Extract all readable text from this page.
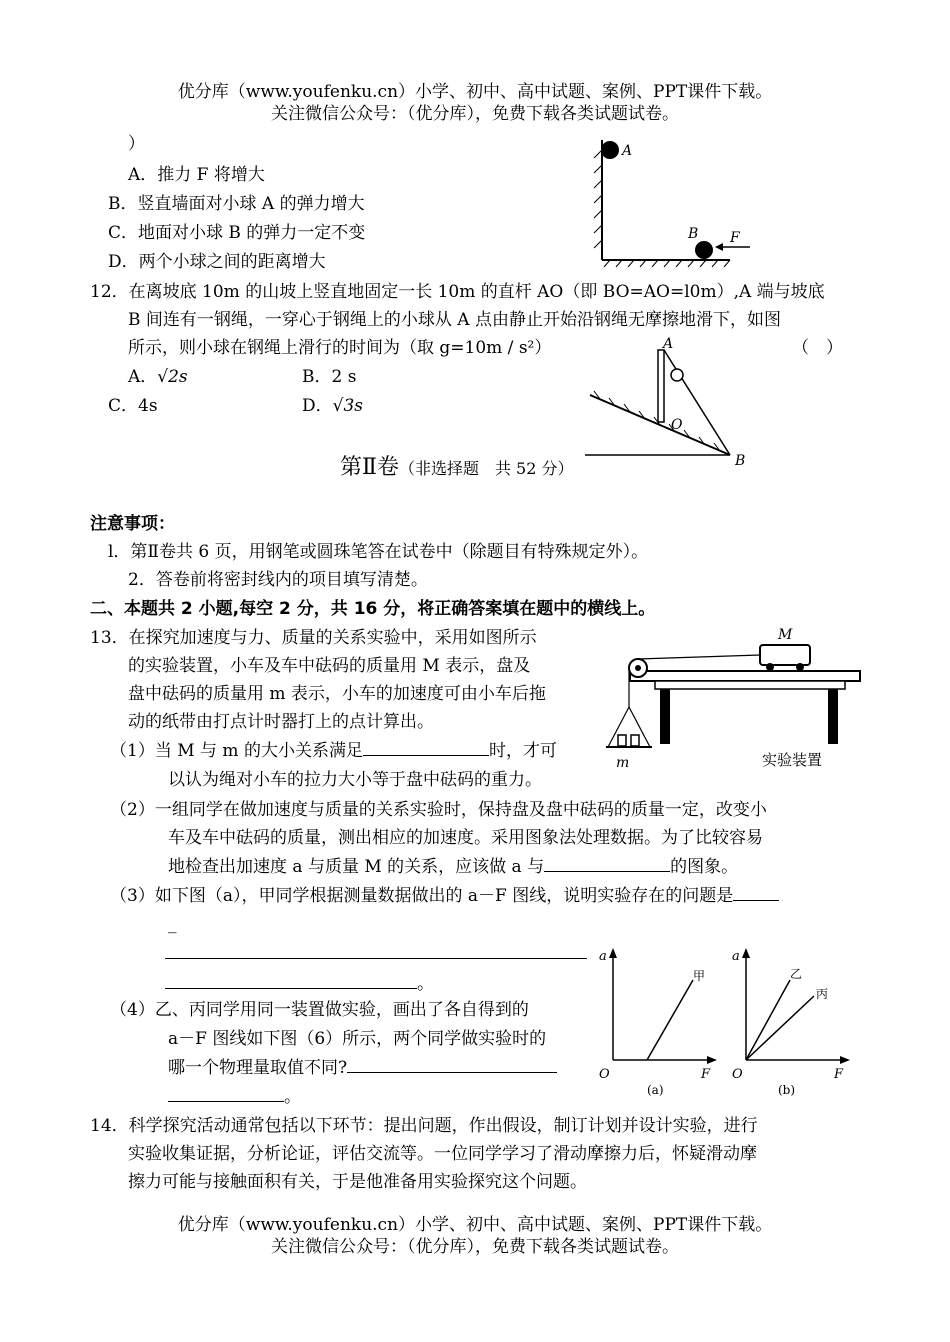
优分库（www.youfenku.cn）小学、初中、高中试题、案例、PPT课件下载。
关注微信公众号：（优分库），免费下载各类试题试卷。
）
A．推力 F 将增大
B．竖直墙面对小球 A 的弹力增大
C．地面对小球 B 的弹力一定不变
D．两个小球之间的距离增大
A
B F
12．在离坡底 10m 的山坡上竖直地固定一长 10m 的直杆 AO（即 BO=AO=l0m）,A 端与坡底
B 间连有一钢绳，一穿心于钢绳上的小球从 A 点由静止开始沿钢绳无摩擦地滑下，如图
所示，则小球在钢绳上滑行的时间为（取 g=10m / s²）	（　）
A．√2s	B．2 s
C．4s	D．√3s
A
O
B
第Ⅱ卷（非选择题　共 52 分）
注意事项：
l．第Ⅱ卷共 6 页，用钢笔或圆珠笔答在试卷中（除题目有特殊规定外）。
2．答卷前将密封线内的项目填写清楚。
二、本题共 2 小题,每空 2 分，共 16 分，将正确答案填在题中的横线上。
13．在探究加速度与力、质量的关系实验中，采用如图所示
的实验装置，小车及车中砝码的质量用 M 表示，盘及
盘中砝码的质量用 m 表示，小车的加速度可由小车后拖
动的纸带由打点计时器打上的点计算出。
（1）当 M 与 m 的大小关系满足	时，才可
以认为绳对小车的拉力大小等于盘中砝码的重力。
（2）一组同学在做加速度与质量的关系实验时，保持盘及盘中砝码的质量一定，改变小
车及车中砝码的质量，测出相应的加速度。采用图象法处理数据。为了比较容易
地检查出加速度 a 与质量 M 的关系，应该做 a 与	的图象。
（3）如下图（a），甲同学根据测量数据做出的 a－F 图线，说明实验存在的问题是
_
。
（4）乙、丙同学用同一装置做实验，画出了各自得到的
a－F 图线如下图（6）所示，两个同学做实验时的
哪一个物理量取值不同?
。
M
m	实验装置
a
F
O
甲
(a)
a
F
O
乙
丙
(b)
14．科学探究活动通常包括以下环节：提出问题，作出假设，制订计划并设计实验，进行
实验收集证据，分析论证，评估交流等。一位同学学习了滑动摩擦力后，怀疑滑动摩
擦力可能与接触面积有关，于是他准备用实验探究这个问题。
优分库（www.youfenku.cn）小学、初中、高中试题、案例、PPT课件下载。
关注微信公众号：（优分库），免费下载各类试题试卷。
